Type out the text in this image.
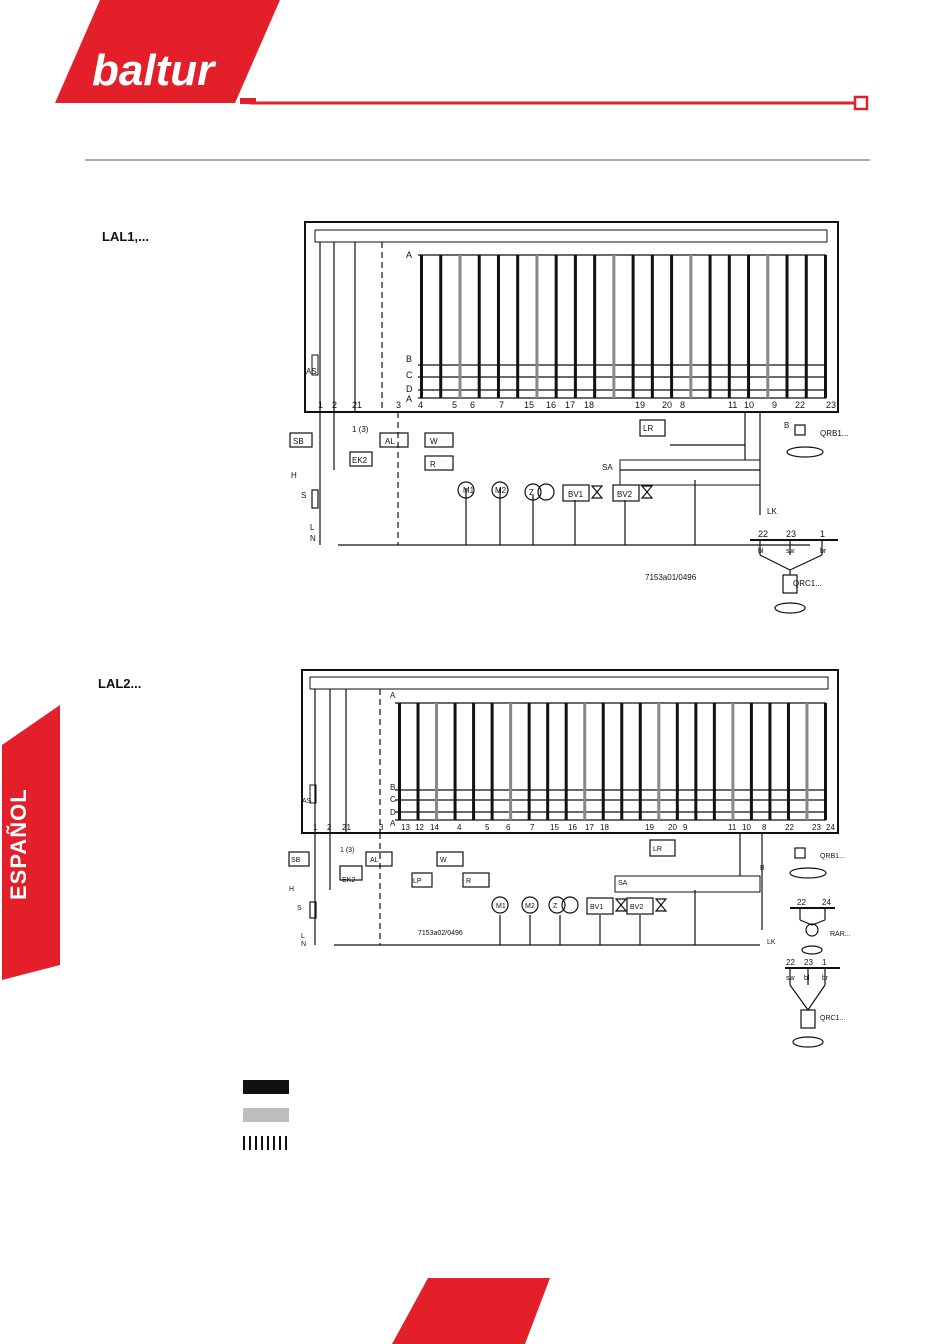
baltur
1 2 21	3 4	5 6	7 15 16 17 18	19 20 8	11 10 9 22 23
A
B
C
D
A
AS
SB
H
S
L
N
EK2
1 (3)
AL	W
R
M1	M2	Z	BV1	BV2
LR
SA
LK
QRB1...
QRC1...
B
7153a01/0496
22 23	1
bl	sw	br
1 2 21	3 13 12 14 4	5 6 7 15 16 17 18	19 20 9	11 10 8 22 23 24
A
B
C
D
A
AS
SB
H
S
L
N
EK2
1 (3)
AL
LP
W
R
M1	M2	Z	BV1	BV2
LR
SA
LK
QRB1...
RAR...
QRC1...
B
7153a02/0496
22 24
22 23 1
sw bl br
ESPAÑOL
LAL1,...
LAL2...
